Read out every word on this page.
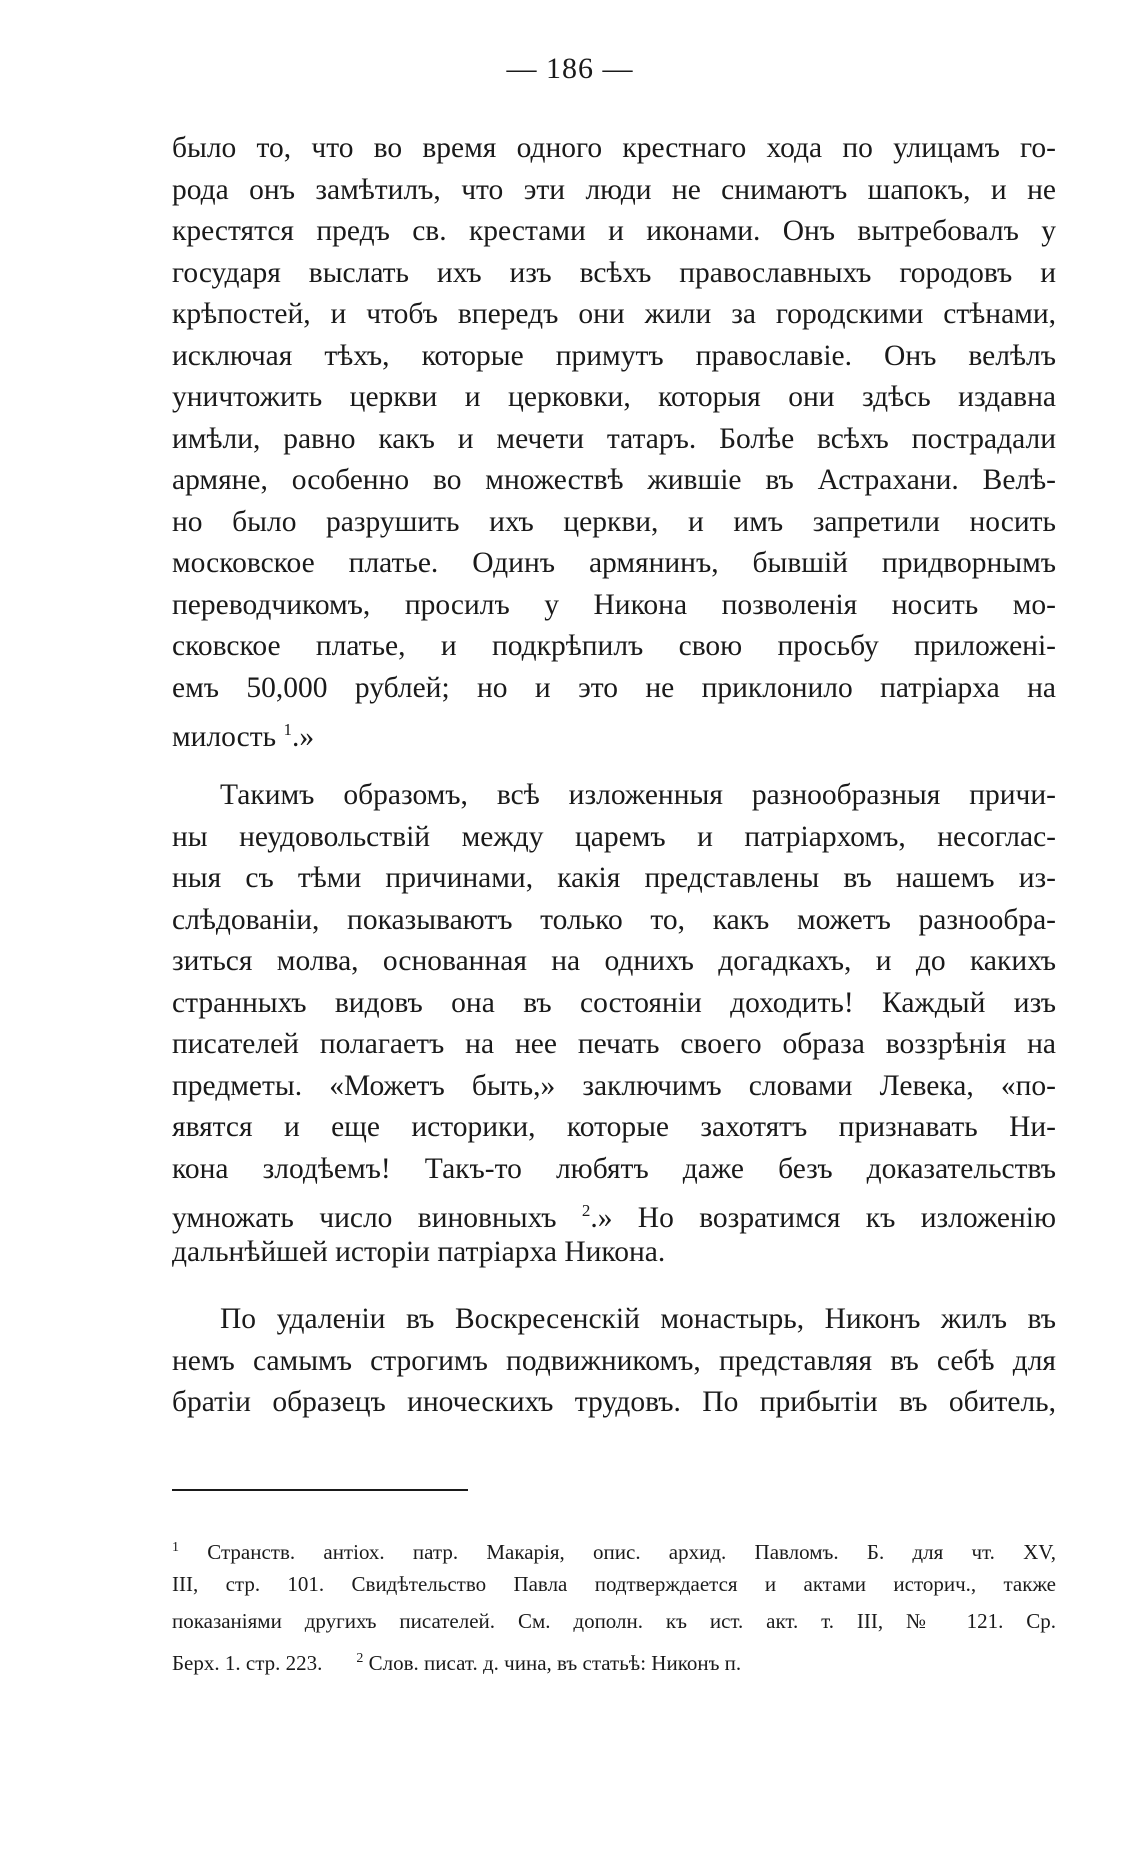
— 186 —
было то, что во время одного крестнаго хода по улицамъ го-
рода онъ замѣтилъ, что эти люди не снимаютъ шапокъ, и не
крестятся предъ св. крестами и иконами. Онъ вытребовалъ у
государя выслать ихъ изъ всѣхъ православныхъ городовъ и
крѣпостей, и чтобъ впередъ они жили за городскими стѣнами,
исключая тѣхъ, которые примутъ православіе. Онъ велѣлъ
уничтожить церкви и церковки, которыя они здѣсь издавна
имѣли, равно какъ и мечети татаръ. Болѣе всѣхъ пострадали
армяне, особенно во множествѣ жившіе въ Астрахани. Велѣ-
но было разрушить ихъ церкви, и имъ запретили носить
московское платье. Одинъ армянинъ, бывшій придворнымъ
переводчикомъ, просилъ у Никона позволенія носить мо-
сковское платье, и подкрѣпилъ свою просьбу приложені-
емъ 50,000 рублей; но и это не приклонило патріарха на
милость $^1$.»
Такимъ образомъ, всѣ изложенныя разнообразныя причи-
ны неудовольствій между царемъ и патріархомъ, несоглас-
ныя съ тѣми причинами, какія представлены въ нашемъ из-
слѣдованіи, показываютъ только то, какъ можетъ разнообра-
зиться молва, основанная на однихъ догадкахъ, и до какихъ
странныхъ видовъ она въ состояніи доходить! Каждый изъ
писателей полагаетъ на нее печать своего образа воззрѣнія на
предметы. «Можетъ быть,» заключимъ словами Левека, «по-
явятся и еще историки, которые захотятъ признавать Ни-
кона злодѣемъ! Такъ-то любятъ даже безъ доказательствъ
умножать число виновныхъ $^2$.» Но возратимся къ изложенію
дальнѣйшей исторіи патріарха Никона.
По удаленіи въ Воскресенскій монастырь, Никонъ жилъ въ
немъ самымъ строгимъ подвижникомъ, представляя въ себѣ для
братіи образецъ иноческихъ трудовъ. По прибытіи въ обитель,
$^1$ Странств. антіох. патр. Макарія, опис. архид. Павломъ. Б. для чт. XV,
III, стр. 101. Свидѣтельство Павла подтверждается и актами историч., также
показаніями другихъ писателей. См. дополн. къ ист. акт. т. III, № 121. Ср.
Берх. 1. стр. 223. $^2$ Слов. писат. д. чина, въ статьѣ: Никонъ п.
